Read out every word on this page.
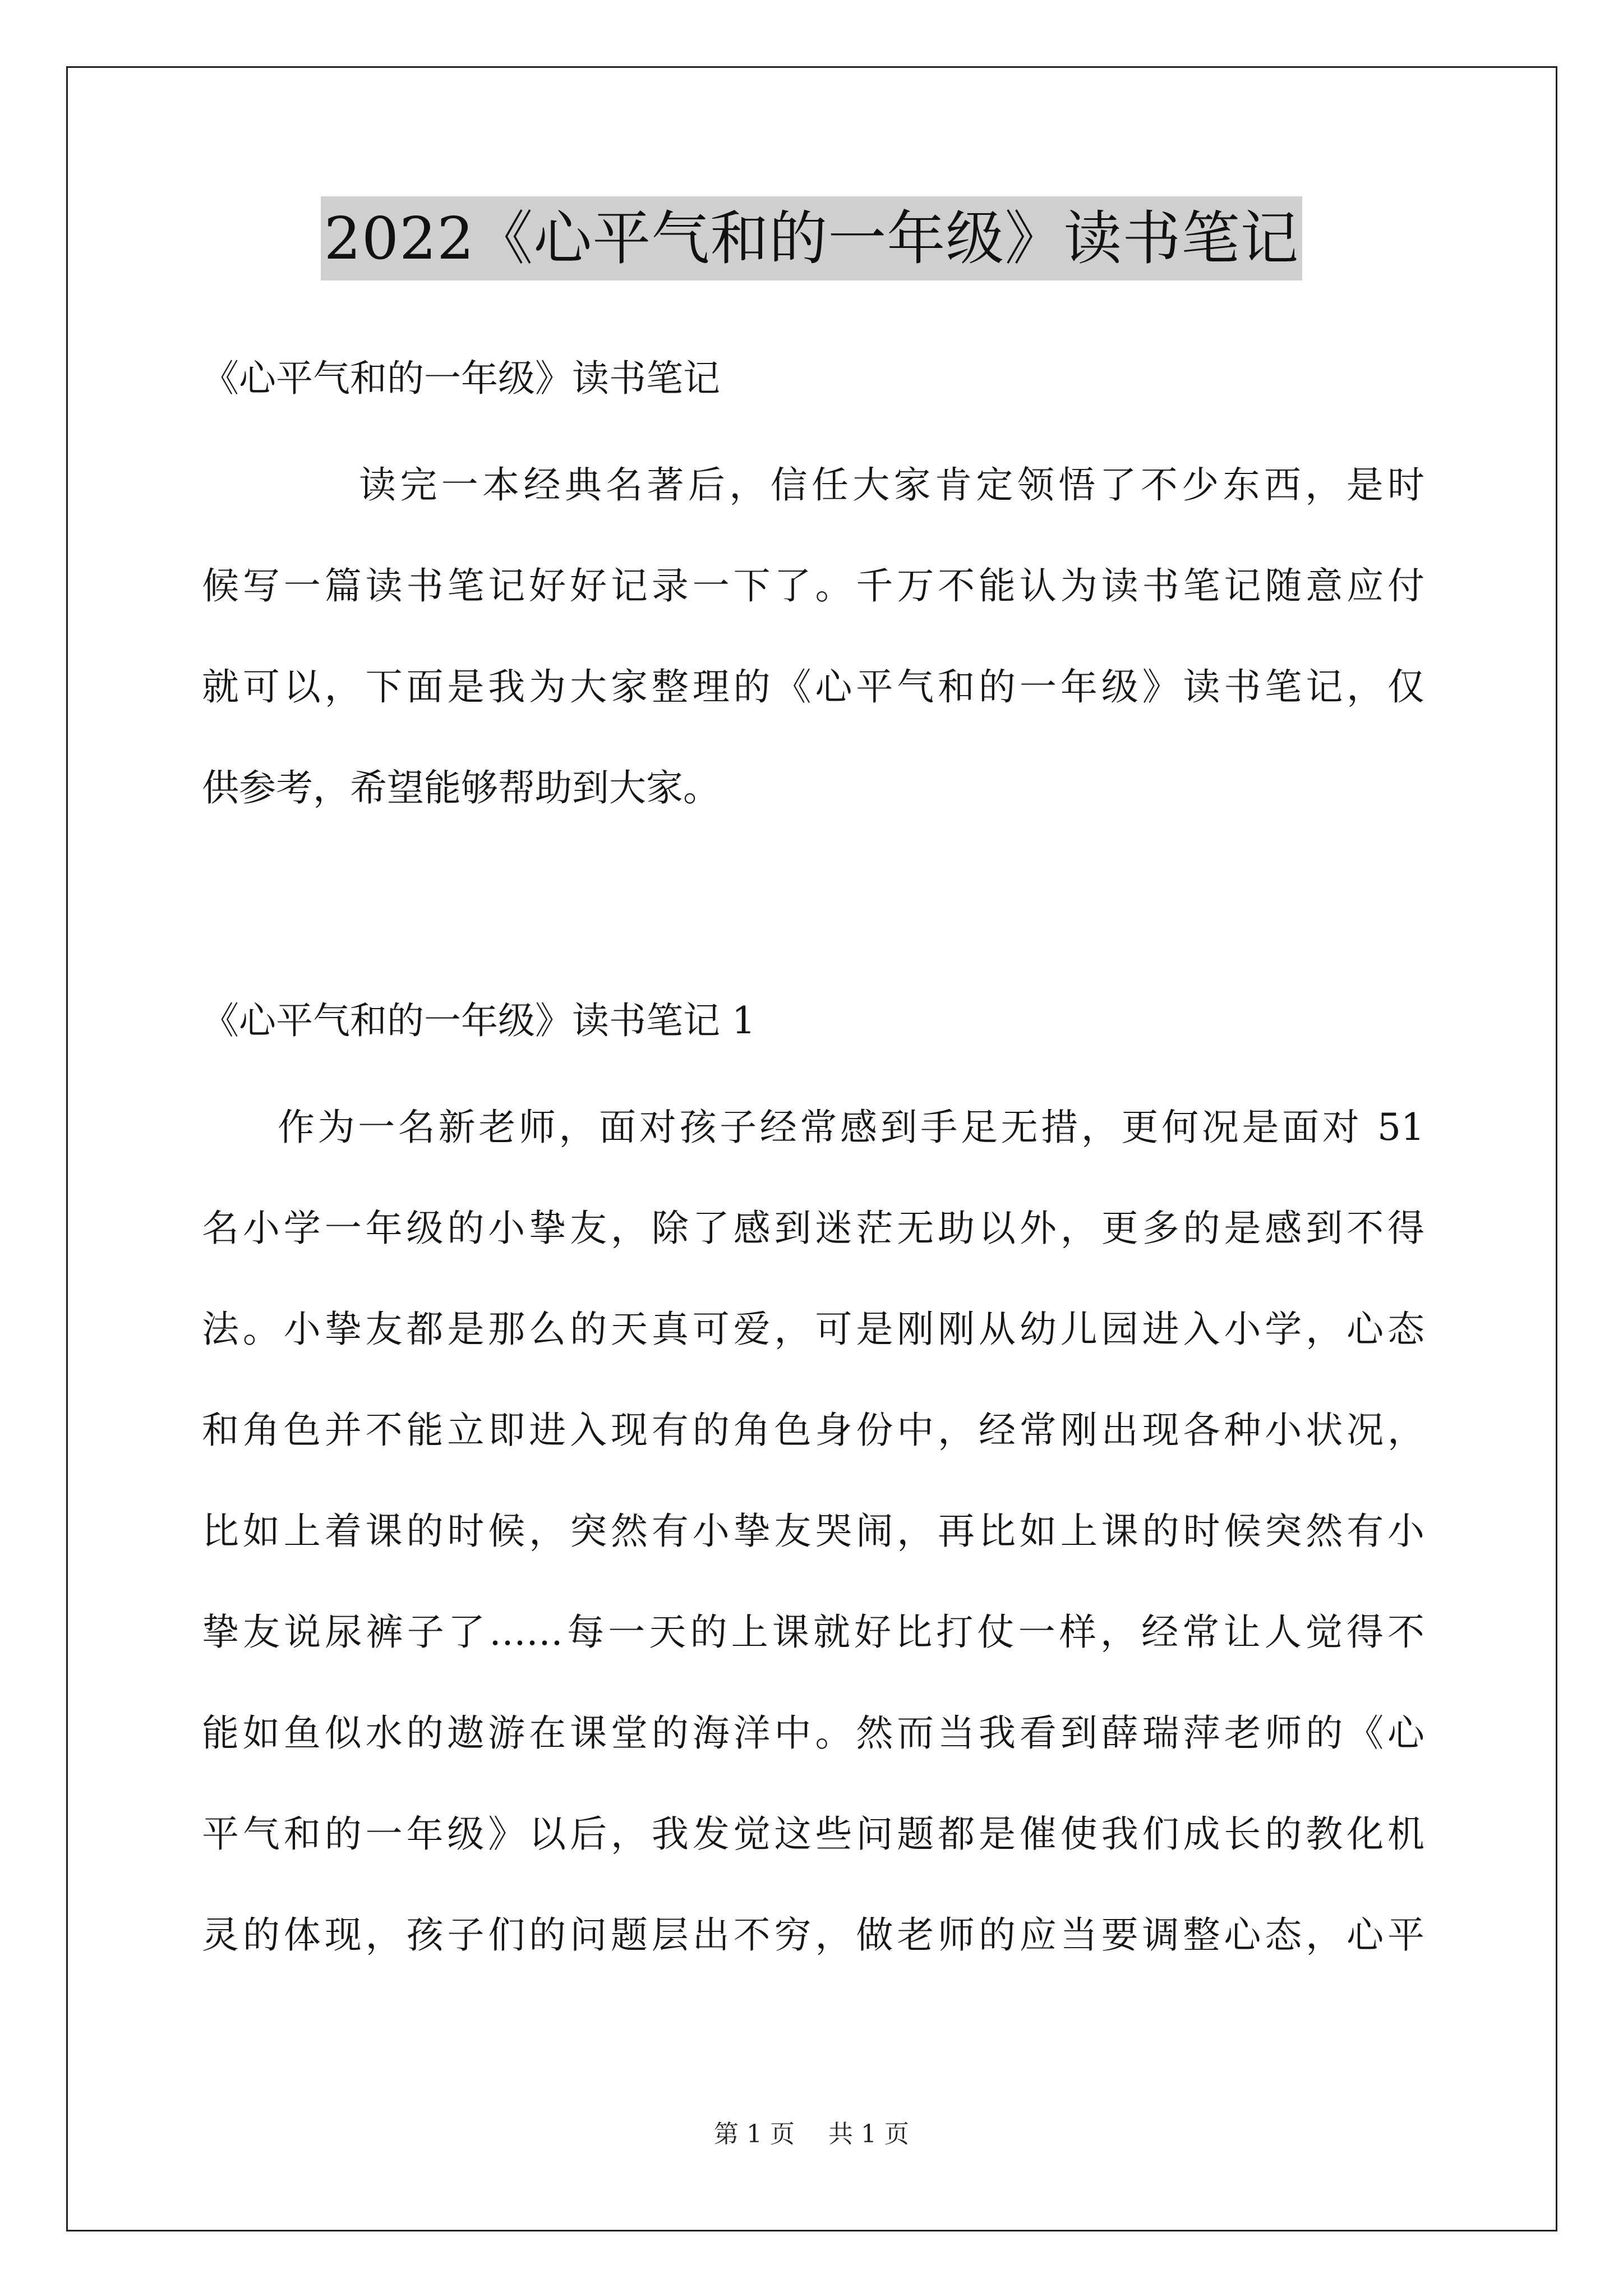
2022《心平气和的一年级》读书笔记
《心平气和的一年级》读书笔记
读完一本经典名著后，信任大家肯定领悟了不少东西，是时
候写一篇读书笔记好好记录一下了。千万不能认为读书笔记随意应付
就可以，下面是我为大家整理的《心平气和的一年级》读书笔记，仅
供参考，希望能够帮助到大家。
《心平气和的一年级》读书笔记 1
作为一名新老师，面对孩子经常感到手足无措，更何况是面对 51
名小学一年级的小挚友，除了感到迷茫无助以外，更多的是感到不得
法。小挚友都是那么的天真可爱，可是刚刚从幼儿园进入小学，心态
和角色并不能立即进入现有的角色身份中，经常刚出现各种小状况，
比如上着课的时候，突然有小挚友哭闹，再比如上课的时候突然有小
挚友说尿裤子了……每一天的上课就好比打仗一样，经常让人觉得不
能如鱼似水的遨游在课堂的海洋中。然而当我看到薛瑞萍老师的《心
平气和的一年级》以后，我发觉这些问题都是催使我们成长的教化机
灵的体现，孩子们的问题层出不穷，做老师的应当要调整心态，心平
第 1 页 共 1 页
